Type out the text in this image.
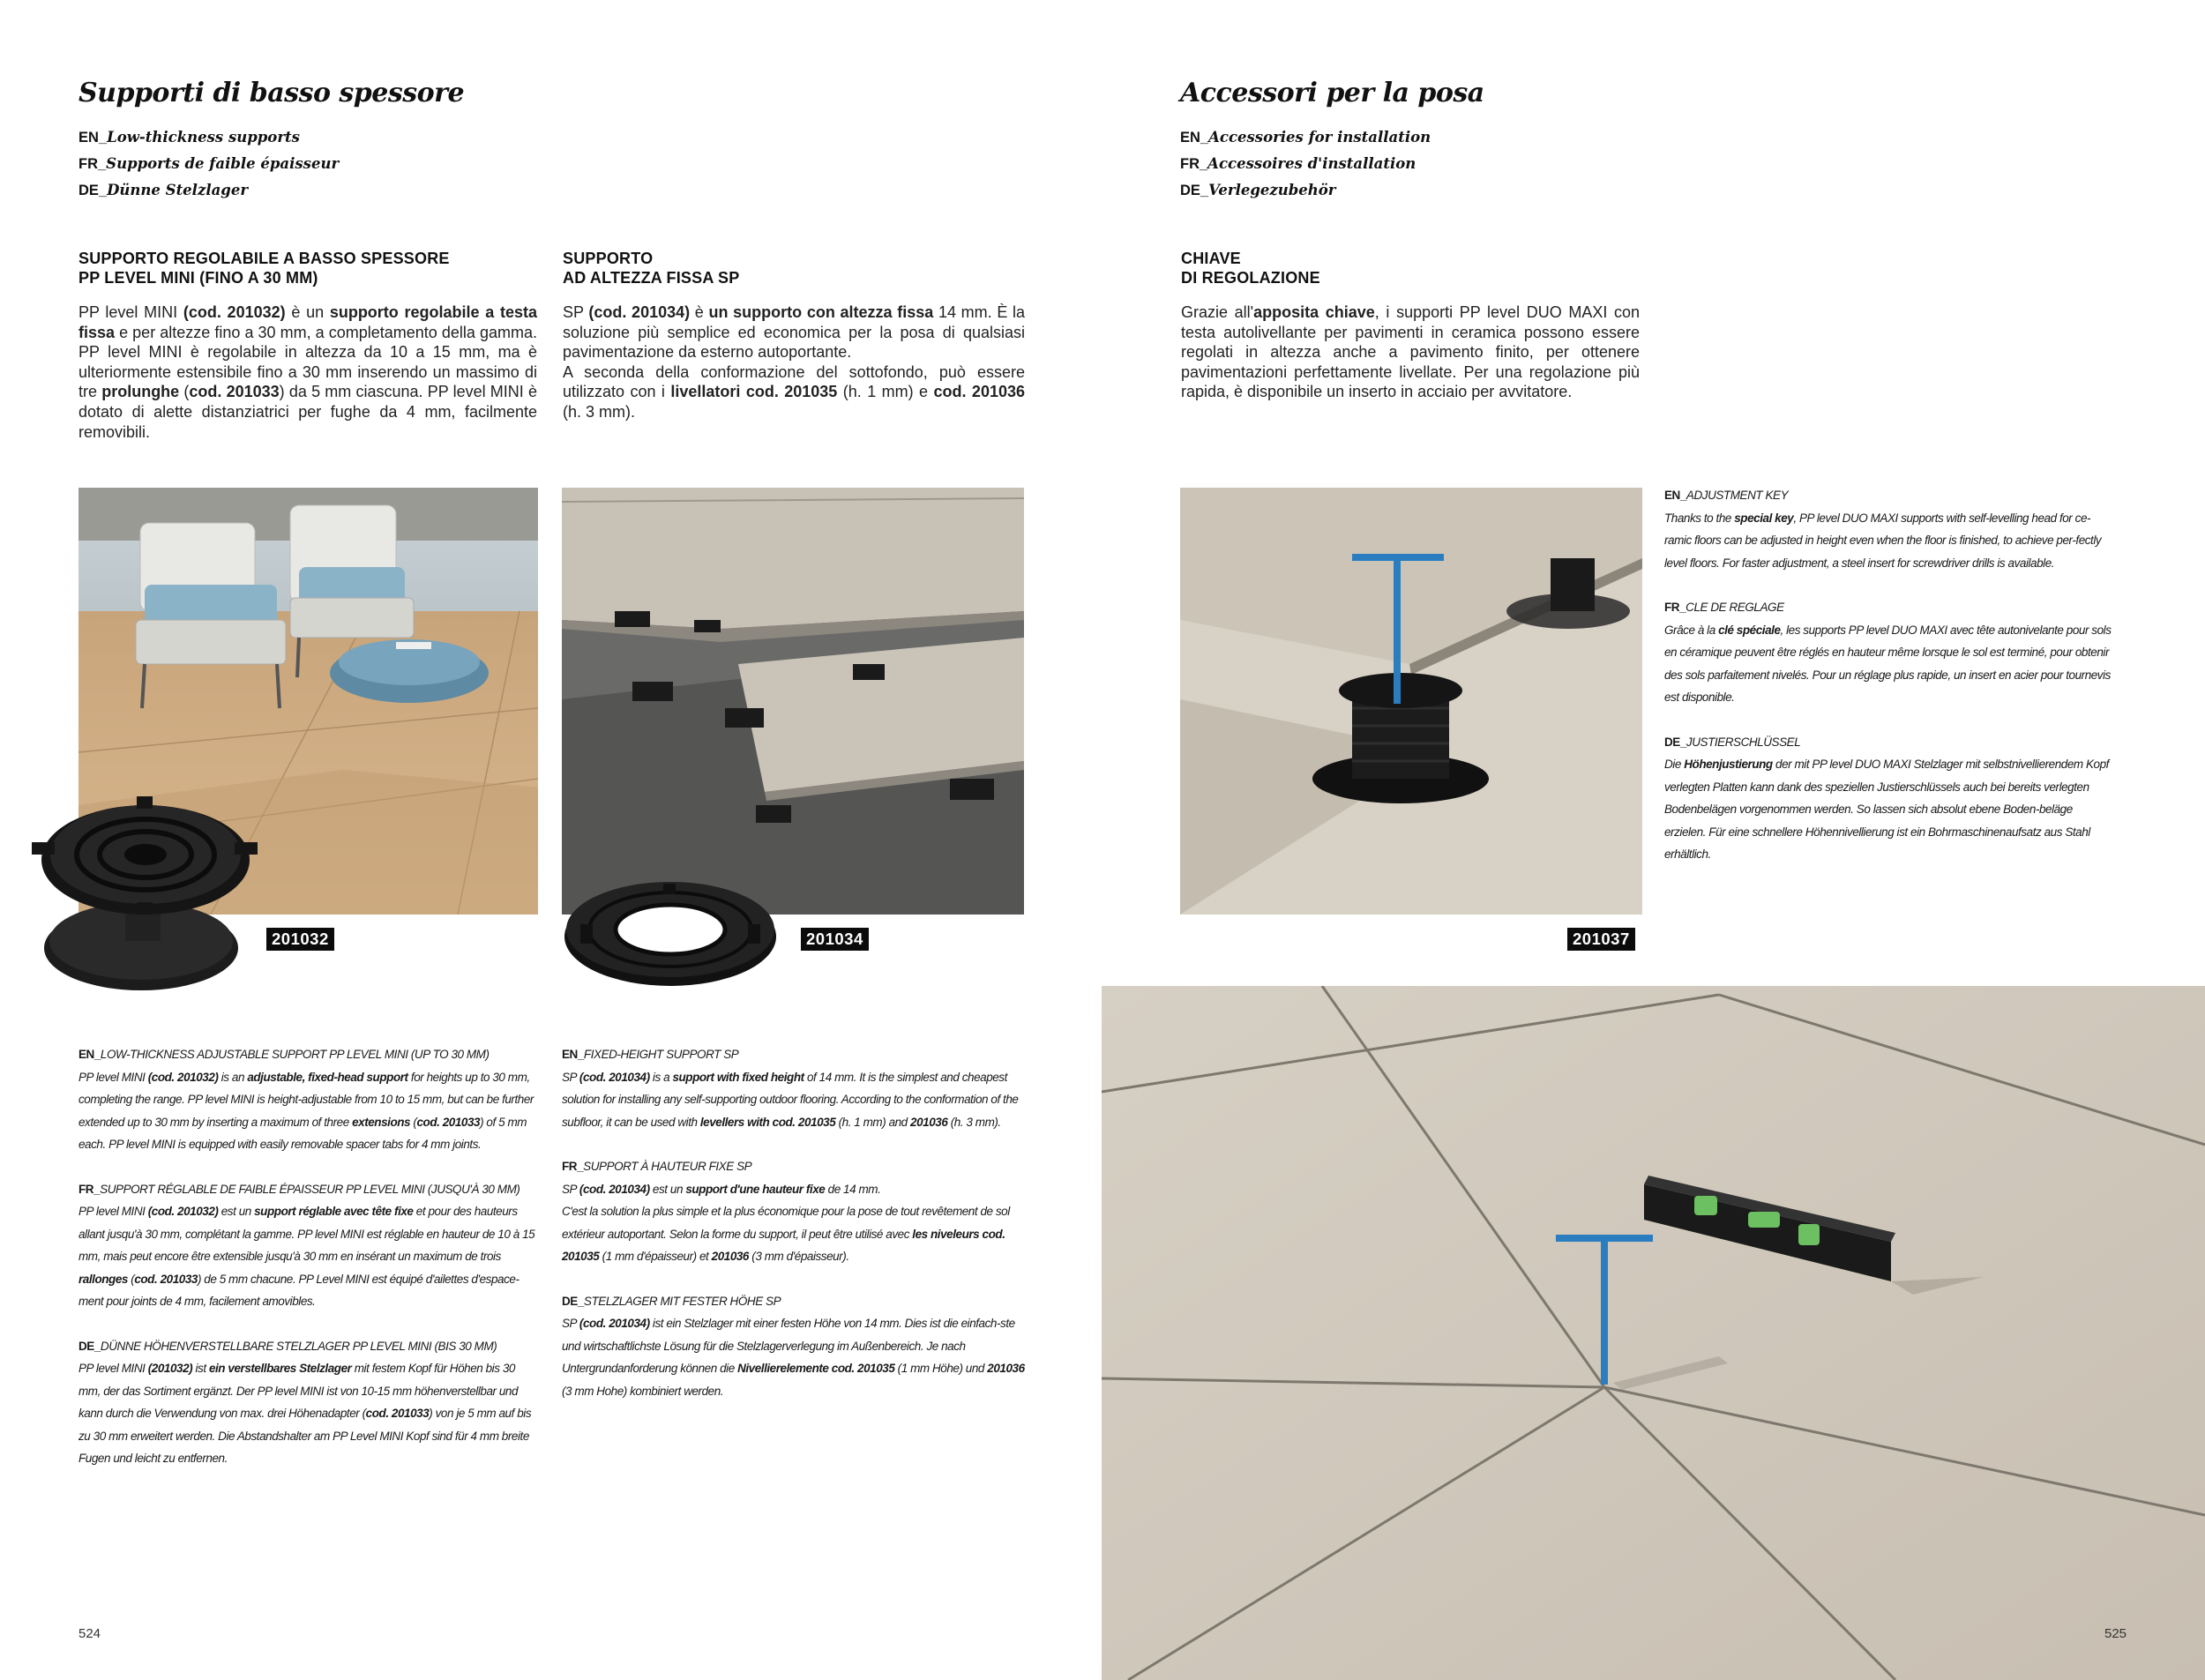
Supporti di basso spessore
EN_Low-thickness supports
FR_Supports de faible épaisseur
DE_Dünne Stelzlager
SUPPORTO REGOLABILE A BASSO SPESSORE
PP LEVEL MINI (FINO A 30 MM)
PP level MINI (cod. 201032) è un supporto regolabile a testa fissa e per altezze fino a 30 mm, a completamento della gamma. PP level MINI è regolabile in altezza da 10 a 15 mm, ma è ulteriormente estensibile fino a 30 mm inserendo un massimo di tre prolunghe (cod. 201033) da 5 mm ciascuna. PP level MINI è dotato di alette distanziatrici per fughe da 4 mm, facilmente removibili.
201032
EN_LOW-THICKNESS ADJUSTABLE SUPPORT PP LEVEL MINI (UP TO 30 MM)
PP level MINI (cod. 201032) is an adjustable, fixed-head support for heights up to 30 mm, completing the range. PP level MINI is height-adjustable from 10 to 15 mm, but can be further extended up to 30 mm by inserting a maximum of three extensions (cod. 201033) of 5 mm each. PP level MINI is equipped with easily removable spacer tabs for 4 mm joints.
FR_SUPPORT RÉGLABLE DE FAIBLE ÉPAISSEUR PP LEVEL MINI (JUSQU'À 30 MM)
PP level MINI (cod. 201032) est un support réglable avec tête fixe et pour des hauteurs allant jusqu'à 30 mm, complétant la gamme. PP level MINI est réglable en hauteur de 10 à 15 mm, mais peut encore être extensible jusqu'à 30 mm en insérant un maximum de trois rallonges (cod. 201033) de 5 mm chacune. PP Level MINI est équipé d'ailettes d'espace-ment pour joints de 4 mm, facilement amovibles.
DE_DÜNNE HÖHENVERSTELLBARE STELZLAGER PP LEVEL MINI (BIS 30 MM)
PP level MINI (201032) ist ein verstellbares Stelzlager mit festem Kopf für Höhen bis 30 mm, der das Sortiment ergänzt. Der PP level MINI ist von 10-15 mm höhenverstellbar und kann durch die Verwendung von max. drei Höhenadapter (cod. 201033) von je 5 mm auf bis zu 30 mm erweitert werden. Die Abstandshalter am PP Level MINI Kopf sind für 4 mm breite Fugen und leicht zu entfernen.
SUPPORTO
AD ALTEZZA FISSA SP
SP (cod. 201034) è un supporto con altezza fissa 14 mm. È la soluzione più semplice ed economica per la posa di qualsiasi pavimentazione da esterno autoportante.
A seconda della conformazione del sottofondo, può essere utilizzato con i livellatori cod. 201035 (h. 1 mm) e cod. 201036 (h. 3 mm).
201034
EN_FIXED-HEIGHT SUPPORT SP
SP (cod. 201034) is a support with fixed height of 14 mm. It is the simplest and cheapest solution for installing any self-supporting outdoor flooring. According to the conformation of the subfloor, it can be used with levellers with cod. 201035 (h. 1 mm) and 201036 (h. 3 mm).
FR_SUPPORT À HAUTEUR FIXE SP
SP (cod. 201034) est un support d'une hauteur fixe de 14 mm.
C'est la solution la plus simple et la plus économique pour la pose de tout revêtement de sol extérieur autoportant. Selon la forme du support, il peut être utilisé avec les niveleurs cod. 201035 (1 mm d'épaisseur) et 201036 (3 mm d'épaisseur).
DE_STELZLAGER MIT FESTER HÖHE SP
SP (cod. 201034) ist ein Stelzlager mit einer festen Höhe von 14 mm. Dies ist die einfach-ste und wirtschaftlichste Lösung für die Stelzlagerverlegung im Außenbereich. Je nach Untergrundanforderung können die Nivellierelemente cod. 201035 (1 mm Höhe) und 201036 (3 mm Hohe) kombiniert werden.
524
Accessori per la posa
EN_Accessories for installation
FR_Accessoires d'installation
DE_Verlegezubehör
CHIAVE
DI REGOLAZIONE
Grazie all'apposita chiave, i supporti PP level DUO MAXI con testa autolivellante per pavimenti in ceramica possono essere regolati in altezza anche a pavimento finito, per ottenere pavimentazioni perfettamente livellate. Per una regolazione più rapida, è disponibile un inserto in acciaio per avvitatore.
201037
EN_ADJUSTMENT KEY
Thanks to the special key, PP level DUO MAXI supports with self-levelling head for ce-ramic floors can be adjusted in height even when the floor is finished, to achieve per-fectly level floors. For faster adjustment, a steel insert for screwdriver drills is available.
FR_CLE DE REGLAGE
Grâce à la clé spéciale, les supports PP level DUO MAXI avec tête autonivelante pour sols en céramique peuvent être réglés en hauteur même lorsque le sol est terminé, pour obtenir des sols parfaitement nivelés. Pour un réglage plus rapide, un insert en acier pour tournevis est disponible.
DE_JUSTIERSCHLÜSSEL
Die Höhenjustierung der mit PP level DUO MAXI Stelzlager mit selbstnivellierendem Kopf verlegten Platten kann dank des speziellen Justierschlüssels auch bei bereits verlegten Bodenbelägen vorgenommen werden. So lassen sich absolut ebene Boden-beläge erzielen. Für eine schnellere Höhennivellierung ist ein Bohrmaschinenaufsatz aus Stahl erhältlich.
525
